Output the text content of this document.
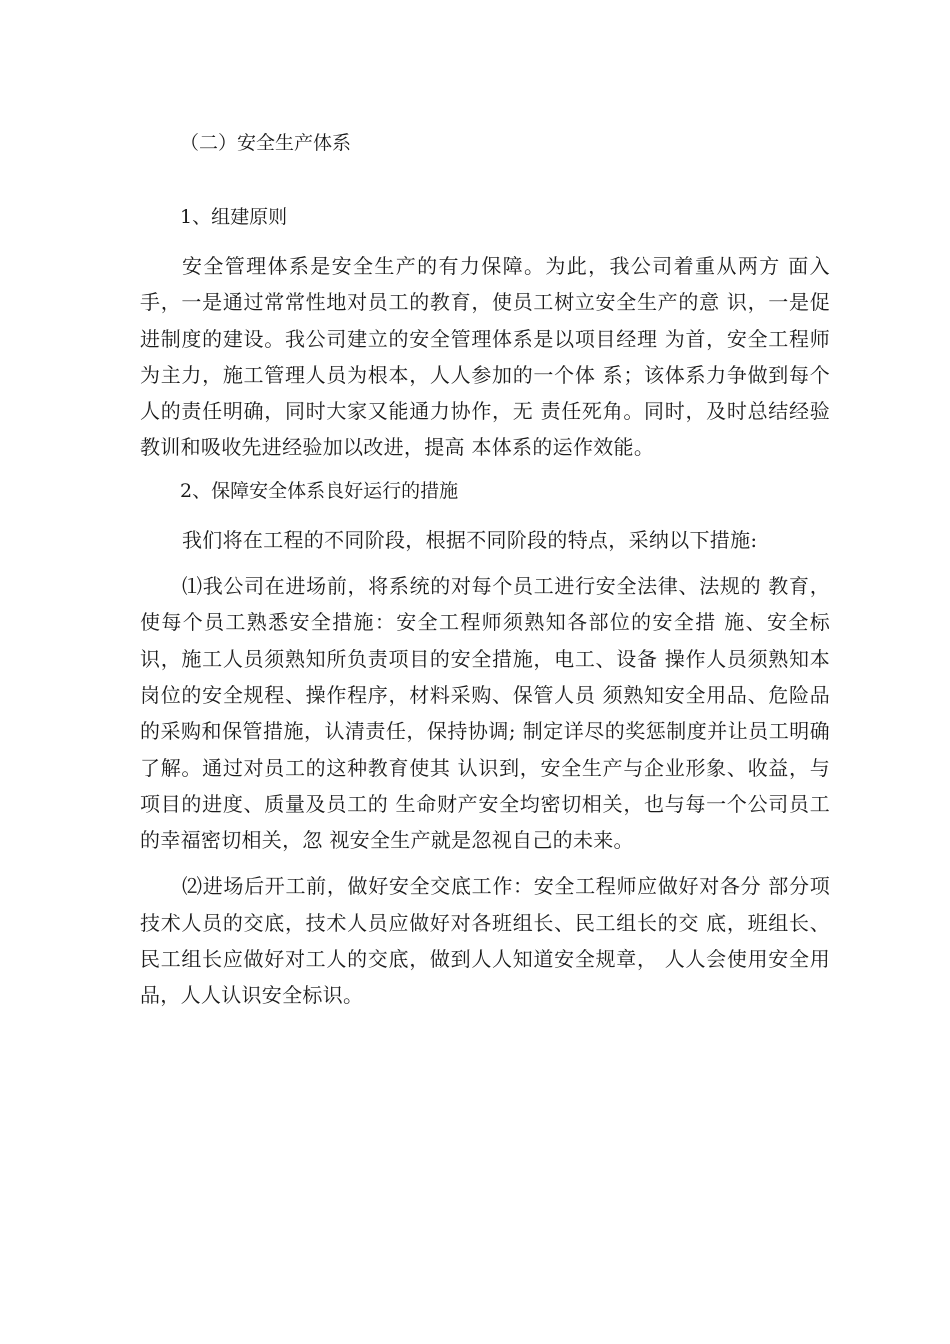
（二）安全生产体系

1、组建原则

安全管理体系是安全生产的有力保障。为此，我公司着重从两方 面入手，一是通过常常性地对员工的教育，使员工树立安全生产的意 识，一是促进制度的建设。我公司建立的安全管理体系是以项目经理 为首，安全工程师为主力，施工管理人员为根本，人人参加的一个体 系；该体系力争做到每个人的责任明确，同时大家又能通力协作，无 责任死角。同时，及时总结经验教训和吸收先进经验加以改进，提高 本体系的运作效能。

2、保障安全体系良好运行的措施

我们将在工程的不同阶段，根据不同阶段的特点，采纳以下措施:

⑴我公司在进场前，将系统的对每个员工进行安全法律、法规的 教育，使每个员工熟悉安全措施：安全工程师须熟知各部位的安全措 施、安全标识，施工人员须熟知所负责项目的安全措施，电工、设备 操作人员须熟知本岗位的安全规程、操作程序，材料采购、保管人员 须熟知安全用品、危险品的采购和保管措施，认清责任，保持协调; 制定详尽的奖惩制度并让员工明确了解。通过对员工的这种教育使其 认识到，安全生产与企业形象、收益，与项目的进度、质量及员工的 生命财产安全均密切相关，也与每一个公司员工的幸福密切相关，忽 视安全生产就是忽视自己的未来。

⑵进场后开工前，做好安全交底工作：安全工程师应做好对各分 部分项技术人员的交底，技术人员应做好对各班组长、民工组长的交 底，班组长、民工组长应做好对工人的交底，做到人人知道安全规章， 人人会使用安全用品，人人认识安全标识。
